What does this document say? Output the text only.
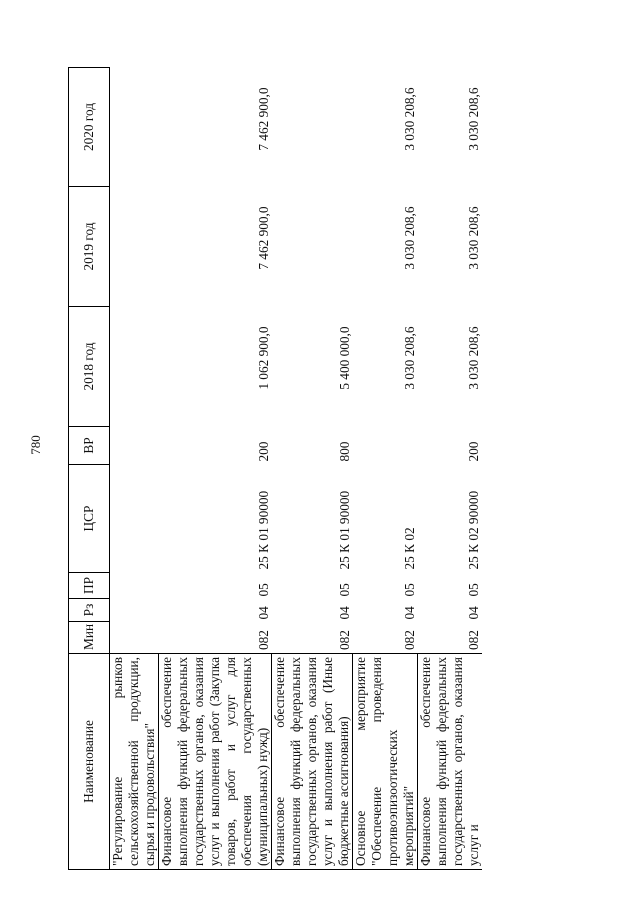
780
Наименование	Мин	Рз	ПР	ЦСР	ВР	2018 год	2019 год	2020 год
"Регулирование рынков сельскохозяйственной продукции, сырья и продовольствия"								
Финансовое обеспечение выполнения функций федеральных государственных органов, оказания услуг и выполнения работ (Закупка товаров, работ и услуг для обеспечения государственных (муниципальных) нужд)	082	04	05	25 К 01 90000	200	1 062 900,0	7 462 900,0	7 462 900,0
Финансовое обеспечение выполнения функций федеральных государственных органов, оказания услуг и выполнения работ (Иные бюджетные ассигнования)	082	04	05	25 К 01 90000	800	5 400 000,0		
Основное мероприятие "Обеспечение проведения противоэпизоотических мероприятий"	082	04	05	25 К 02		3 030 208,6	3 030 208,6	3 030 208,6
Финансовое обеспечение выполнения функций федеральных государственных органов, оказания услуг и	082	04	05	25 К 02 90000	200	3 030 208,6	3 030 208,6	3 030 208,6
